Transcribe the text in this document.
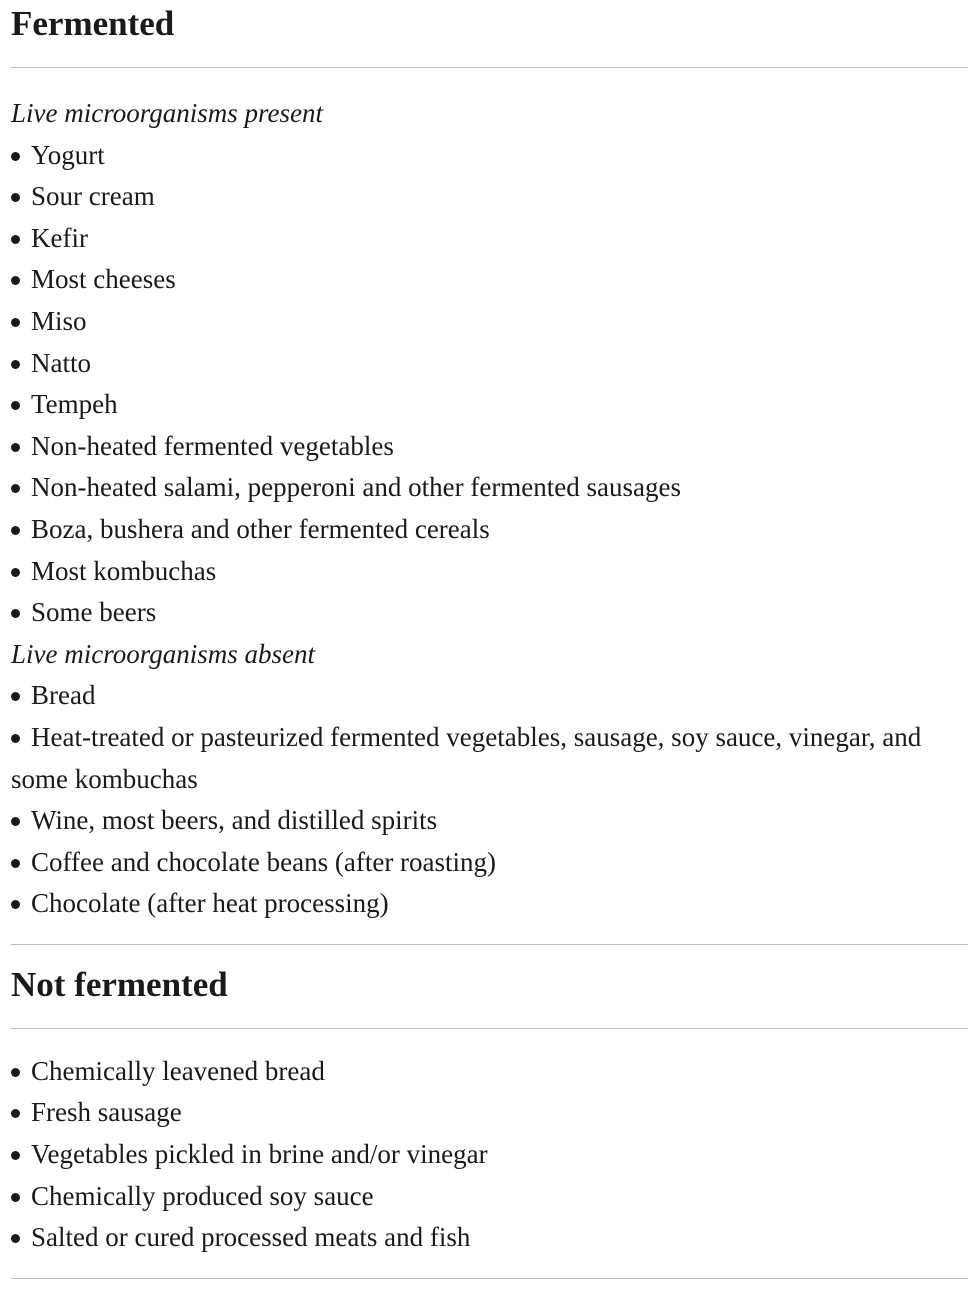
Fermented

Live microorganisms present

Yogurt
Sour cream
Kefir
Most cheeses
Miso
Natto
Tempeh
Non-heated fermented vegetables
Non-heated salami, pepperoni and other fermented sausages
Boza, bushera and other fermented cereals
Most kombuchas
Some beers

Live microorganisms absent

Bread
Heat-treated or pasteurized fermented vegetables, sausage, soy sauce, vinegar, and some kombuchas
Wine, most beers, and distilled spirits
Coffee and chocolate beans (after roasting)
Chocolate (after heat processing)
Not fermented
Chemically leavened bread
Fresh sausage
Vegetables pickled in brine and/or vinegar
Chemically produced soy sauce
Salted or cured processed meats and fish
